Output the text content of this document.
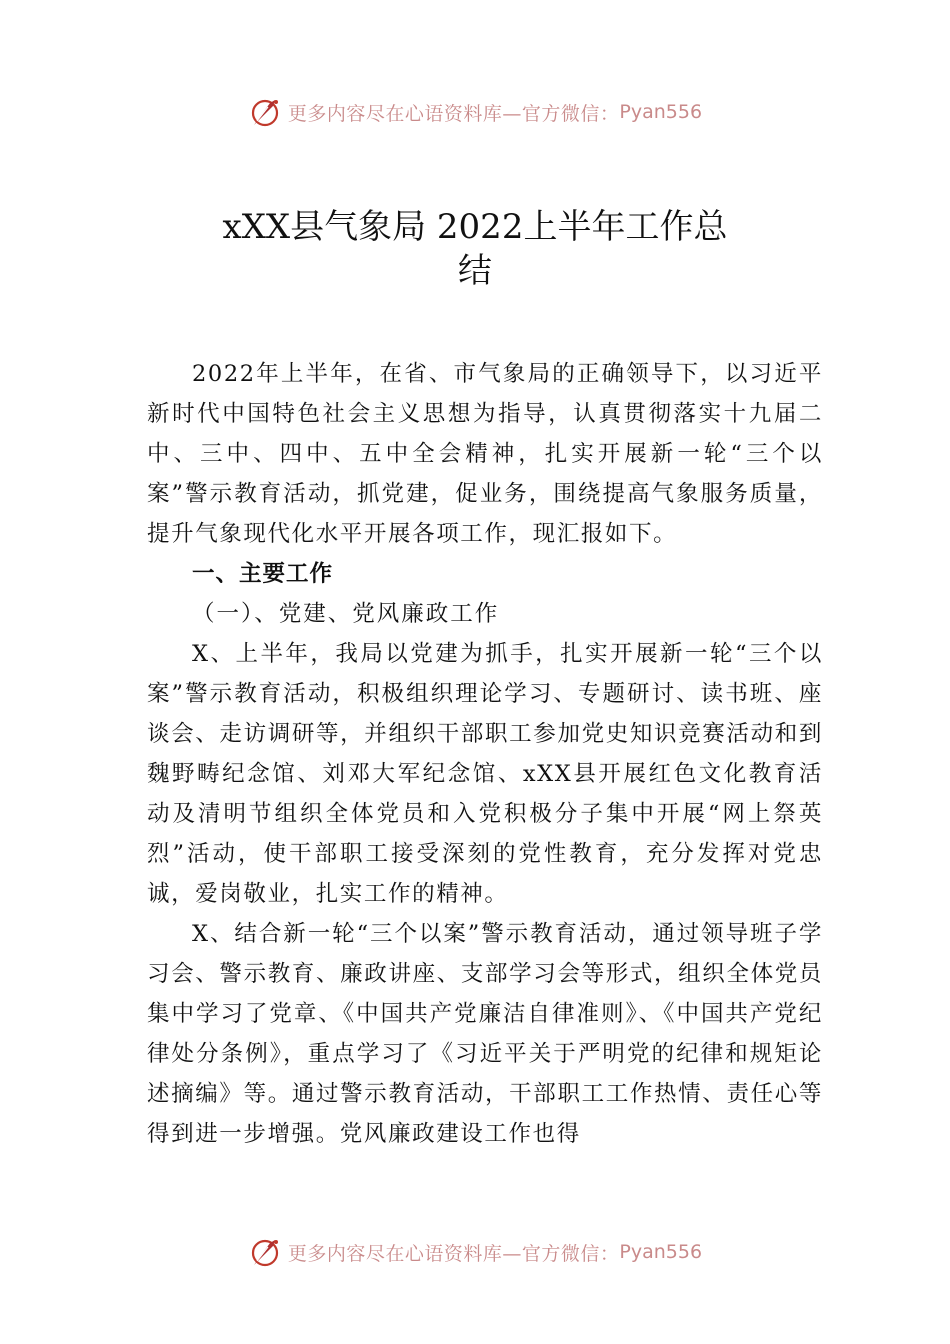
更多内容尽在心语资料库—官方微信： Pyan556
xXX县气象局 2022上半年工作总
结

2022年上半年，在省、市气象局的正确领导下，以习近平新时代中国特色社会主义思想为指导，认真贯彻落实十九届二中、三中、四中、五中全会精神，扎实开展新一轮“三个以案”警示教育活动，抓党建，促业务，围绕提高气象服务质量，提升气象现代化水平开展各项工作，现汇报如下。

一、主要工作

（一）、党建、党风廉政工作

X、上半年，我局以党建为抓手，扎实开展新一轮“三个以案”警示教育活动，积极组织理论学习、专题研讨、读书班、座谈会、走访调研等，并组织干部职工参加党史知识竞赛活动和到魏野畴纪念馆、刘邓大军纪念馆、xXX县开展红色文化教育活动及清明节组织全体党员和入党积极分子集中开展“网上祭英烈”活动，使干部职工接受深刻的党性教育，充分发挥对党忠诚，爱岗敬业，扎实工作的精神。

X、结合新一轮“三个以案”警示教育活动，通过领导班子学习会、警示教育、廉政讲座、支部学习会等形式，组织全体党员集中学习了党章、《中国共产党廉洁自律准则》、《中国共产党纪律处分条例》，重点学习了《习近平关于严明党的纪律和规矩论述摘编》等。通过警示教育活动，干部职工工作热情、责任心等得到进一步增强。党风廉政建设工作也得

更多内容尽在心语资料库—官方微信： Pyan556
